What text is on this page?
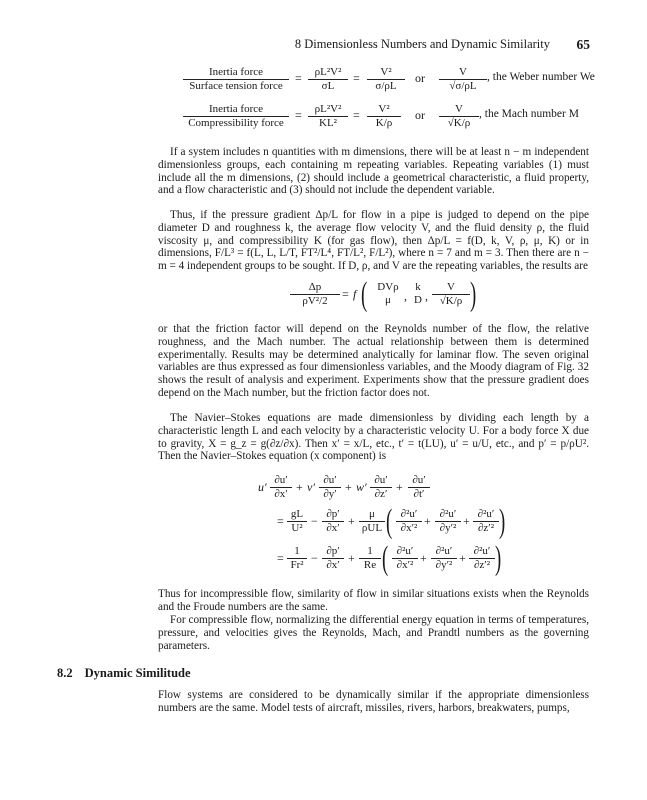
8 Dimensionless Numbers and Dynamic Similarity 65
Inertia force
Surface tension force
= $\frac{\text{ρL²V²}}{\sigma L} = \frac{\text{V²}}{\sigma/\rho L}$ or $\frac{V}{√\sigma/\rho L}$ , the Weber number We
Inertia force
Compressibility force
= $\frac{\text{ρL²V²}}{\text{KL²}} = \frac{\text{V²}}{K/\rho}$ or $\frac{V}{√K/\rho}$ , the Mach number M

If a system includes n quantities with m dimensions, there will be at least n − m independent dimensionless groups, each containing m repeating variables. Repeating variables (1) must include all the m dimensions, (2) should include a geometrical characteristic, a fluid property, and a flow characteristic and (3) should not include the dependent variable.

Thus, if the pressure gradient Δp/L for flow in a pipe is judged to depend on the pipe diameter D and roughness k, the average flow velocity V, and the fluid density ρ, the fluid viscosity μ, and compressibility K (for gas flow), then Δp/L = f(D, k, V, ρ, μ, K) or in dimensions, F/L³ = f(L, L, L/T, FT²/L⁴, FT/L², F/L²), where n = 7 and m = 3. Then there are n − m = 4 independent groups to be sought. If D, ρ, and V are the repeating variables, the results are

$\frac{\Delta p}{\text{ρV²/2}} = f$ ( DVρ
μ	,
k
D , $\frac{V}{√K/\rho}$ )

or that the friction factor will depend on the Reynolds number of the flow, the relative roughness, and the Mach number. The actual relationship between them is determined experimentally. Results may be determined analytically for laminar flow. The seven original variables are thus expressed as four dimensionless variables, and the Moody diagram of Fig. 32 shows the result of analysis and experiment. Experiments show that the pressure gradient does depend on the Mach number, but the friction factor does not.

The Navier–Stokes equations are made dimensionless by dividing each length by a characteristic length L and each velocity by a characteristic velocity U. For a body force X due to gravity, X = g_z = g(∂z/∂x). Then x′ = x/L, etc., t′ = t(LU), u′ = u/U, etc., and p′ = p/ρU². Then the Navier–Stokes equation (x component) is

$u' \frac{\partial u'}{\partial x'} + v' \frac{\partial u'}{\partial y'} + w' \frac{\partial u'}{\partial z'} + \frac{\partial u'}{\partial t'}$
= $\frac{gL}{\text{U²}} - \frac{\partial p'}{\partial x'}$ +	μ
ρUL ( $\frac{\text{∂²u′}}{\text{∂x′²}} + \frac{\text{∂²u′}}{\text{∂y′²}} + \frac{\text{∂²u′}}{\text{∂z′²}}$ )
= $\frac{1}{\text{Fr²}} - \frac{\partial p'}{\partial x'} + \frac{1}{Re}$ ( $\frac{\text{∂²u′}}{\text{∂x′²}} + \frac{\text{∂²u′}}{\text{∂y′²}} + \frac{\text{∂²u′}}{\text{∂z′²}}$ )

Thus for incompressible flow, similarity of flow in similar situations exists when the Reynolds and the Froude numbers are the same.

For compressible flow, normalizing the differential energy equation in terms of temperatures, pressure, and velocities gives the Reynolds, Mach, and Prandtl numbers as the governing parameters.

8.2 Dynamic Similitude

Flow systems are considered to be dynamically similar if the appropriate dimensionless numbers are the same. Model tests of aircraft, missiles, rivers, harbors, breakwaters, pumps,
